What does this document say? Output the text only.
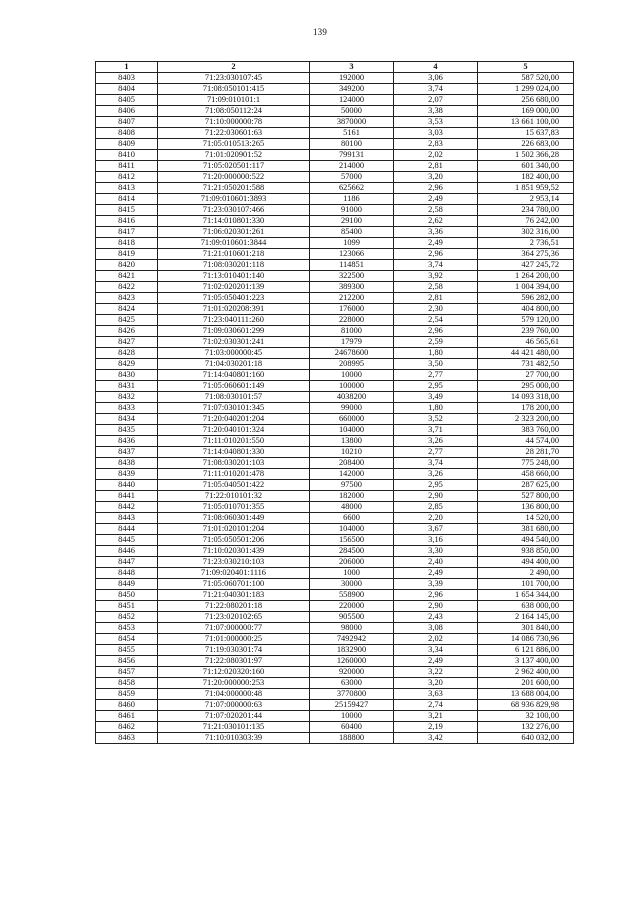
139
1	2	3	4	5
8403	71:23:030107:45	192000	3,06	587 520,00
8404	71:08:050101:415	349200	3,74	1 299 024,00
8405	71:09:010101:1	124000	2,07	256 680,00
8406	71:08:050112:24	50000	3,38	169 000,00
8407	71:10:000000:78	3870000	3,53	13 661 100,00
8408	71:22:030601:63	5161	3,03	15 637,83
8409	71:05:010513:265	80100	2,83	226 683,00
8410	71:01:020901:52	799131	2,02	1 502 366,28
8411	71:05:020501:117	214000	2,81	601 340,00
8412	71:20:000000:522	57000	3,20	182 400,00
8413	71:21:050201:588	625662	2,96	1 851 959,52
8414	71:09:010601:3893	1186	2,49	2 953,14
8415	71:23:030107:466	91000	2,58	234 780,00
8416	71:14:010801:330	29100	2,62	76 242,00
8417	71:06:020301:261	85400	3,36	302 316,00
8418	71:09:010601:3844	1099	2,49	2 736,51
8419	71:21:010601:218	123066	2,96	364 275,36
8420	71:08:030201:118	114851	3,74	427 245,72
8421	71:13:010401:140	322500	3,92	1 264 200,00
8422	71:02:020201:139	389300	2,58	1 004 394,00
8423	71:05:050401:223	212200	2,81	596 282,00
8424	71:01:020208:391	176000	2,30	404 800,00
8425	71:23:040111:260	228000	2,54	579 120,00
8426	71:09:030601:299	81000	2,96	239 760,00
8427	71:02:030301:241	17979	2,59	46 565,61
8428	71:03:000000:45	24678600	1,80	44 421 480,00
8429	71:04:030201:18	208995	3,50	731 482,50
8430	71:14:040801:160	10000	2,77	27 700,00
8431	71:05:060601:149	100000	2,95	295 000,00
8432	71:08:030101:57	4038200	3,49	14 093 318,00
8433	71:07:030101:345	99000	1,80	178 200,00
8434	71:20:040201:204	660000	3,52	2 323 200,00
8435	71:20:040101:324	104000	3,71	383 760,00
8436	71:11:010201:550	13800	3,26	44 574,00
8437	71:14:040801:330	10210	2,77	28 281,70
8438	71:08:030201:103	208400	3,74	775 248,00
8439	71:11:010201:478	142000	3,26	458 660,00
8440	71:05:040501:422	97500	2,95	287 625,00
8441	71:22:010101:32	182000	2,90	527 800,00
8442	71:05:010701:355	48000	2,85	136 800,00
8443	71:08:060301:449	6600	2,20	14 520,00
8444	71:01:020101:204	104000	3,67	381 680,00
8445	71:05:050501:206	156500	3,16	494 540,00
8446	71:10:020301:439	284500	3,30	938 850,00
8447	71:23:030210:103	206000	2,40	494 400,00
8448	71:09:020401:1116	1000	2,49	2 490,00
8449	71:05:060701:100	30000	3,39	101 700,00
8450	71:21:040301:183	558900	2,96	1 654 344,00
8451	71:22:080201:18	220000	2,90	638 000,00
8452	71:23:020102:65	905500	2,43	2 164 145,00
8453	71:07:000000:77	98000	3,08	301 840,00
8454	71:01:000000:25	7492942	2,02	14 086 730,96
8455	71:19:030301:74	1832900	3,34	6 121 886,00
8456	71:22:080301:97	1260000	2,49	3 137 400,00
8457	71:12:020320:160	920000	3,22	2 962 400,00
8458	71:20:000000:253	63000	3,20	201 600,00
8459	71:04:000000:48	3770800	3,63	13 688 004,00
8460	71:07:000000:63	25159427	2,74	68 936 829,98
8461	71:07:020201:44	10000	3,21	32 100,00
8462	71:21:030101:135	60400	2,19	132 276,00
8463	71:10:010303:39	188800	3,42	640 032,00
